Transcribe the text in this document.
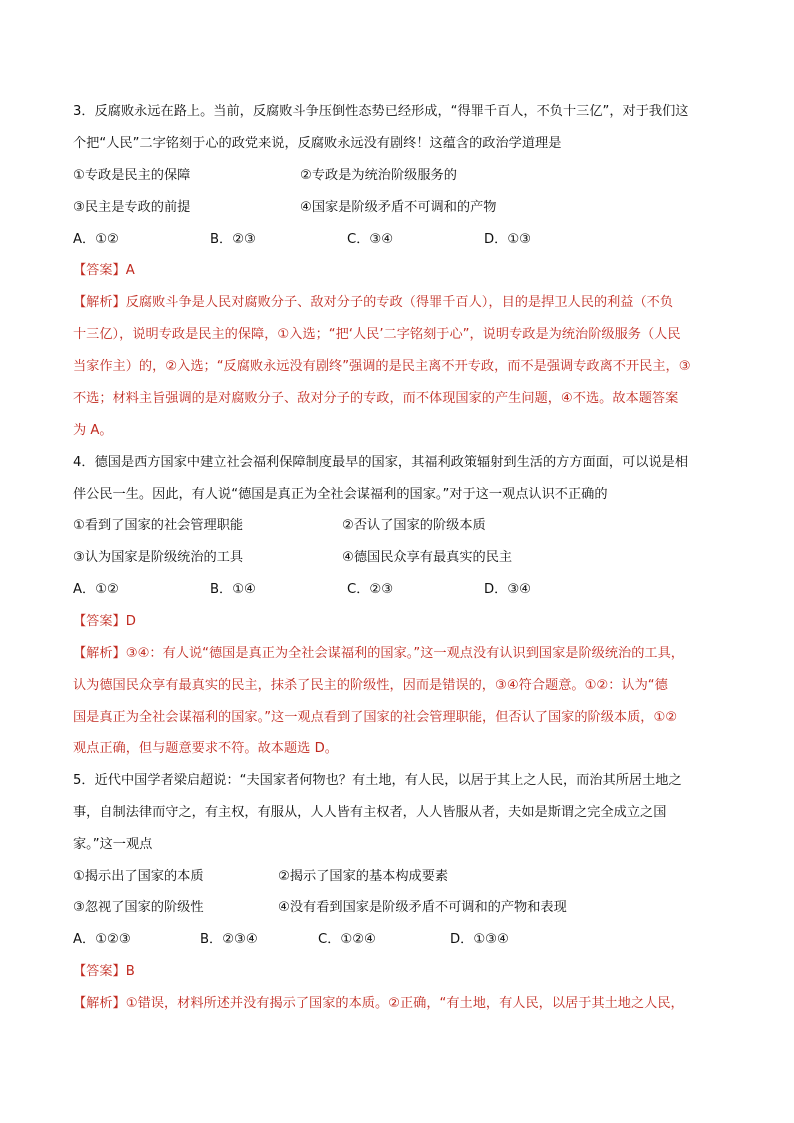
3．反腐败永远在路上。当前，反腐败斗争压倒性态势已经形成，“得罪千百人，不负十三亿”，对于我们这
个把“人民”二字铭刻于心的政党来说，反腐败永远没有剧终！这蕴含的政治学道理是
①专政是民主的保障	②专政是为统治阶级服务的
③民主是专政的前提	④国家是阶级矛盾不可调和的产物
A．①②	B．②③	C．③④	D．①③
【答案】A
【解析】反腐败斗争是人民对腐败分子、敌对分子的专政（得罪千百人），目的是捍卫人民的利益（不负
十三亿），说明专政是民主的保障，①入选；“把‘人民’二字铭刻于心”，说明专政是为统治阶级服务（人民
当家作主）的，②入选；“反腐败永远没有剧终”强调的是民主离不开专政，而不是强调专政离不开民主，③
不选；材料主旨强调的是对腐败分子、敌对分子的专政，而不体现国家的产生问题，④不选。故本题答案
为 A。
4．德国是西方国家中建立社会福利保障制度最早的国家，其福利政策辐射到生活的方方面面，可以说是相
伴公民一生。因此，有人说“德国是真正为全社会谋福利的国家。”对于这一观点认识不正确的
①看到了国家的社会管理职能	②否认了国家的阶级本质
③认为国家是阶级统治的工具	④德国民众享有最真实的民主
A．①②	B．①④	C．②③	D．③④
【答案】D
【解析】③④：有人说“德国是真正为全社会谋福利的国家。”这一观点没有认识到国家是阶级统治的工具，
认为德国民众享有最真实的民主，抹杀了民主的阶级性，因而是错误的，③④符合题意。①②：认为“德
国是真正为全社会谋福利的国家。”这一观点看到了国家的社会管理职能，但否认了国家的阶级本质，①②
观点正确，但与题意要求不符。故本题选 D。
5．近代中国学者梁启超说：“夫国家者何物也？有土地，有人民，以居于其上之人民，而治其所居土地之
事，自制法律而守之，有主权，有服从，人人皆有主权者，人人皆服从者，夫如是斯谓之完全成立之国
家。”这一观点
①揭示出了国家的本质	②揭示了国家的基本构成要素
③忽视了国家的阶级性	④没有看到国家是阶级矛盾不可调和的产物和表现
A．①②③	B．②③④	C．①②④	D．①③④
【答案】B
【解析】①错误，材料所述并没有揭示了国家的本质。②正确，“有土地，有人民，以居于其土地之人民，
